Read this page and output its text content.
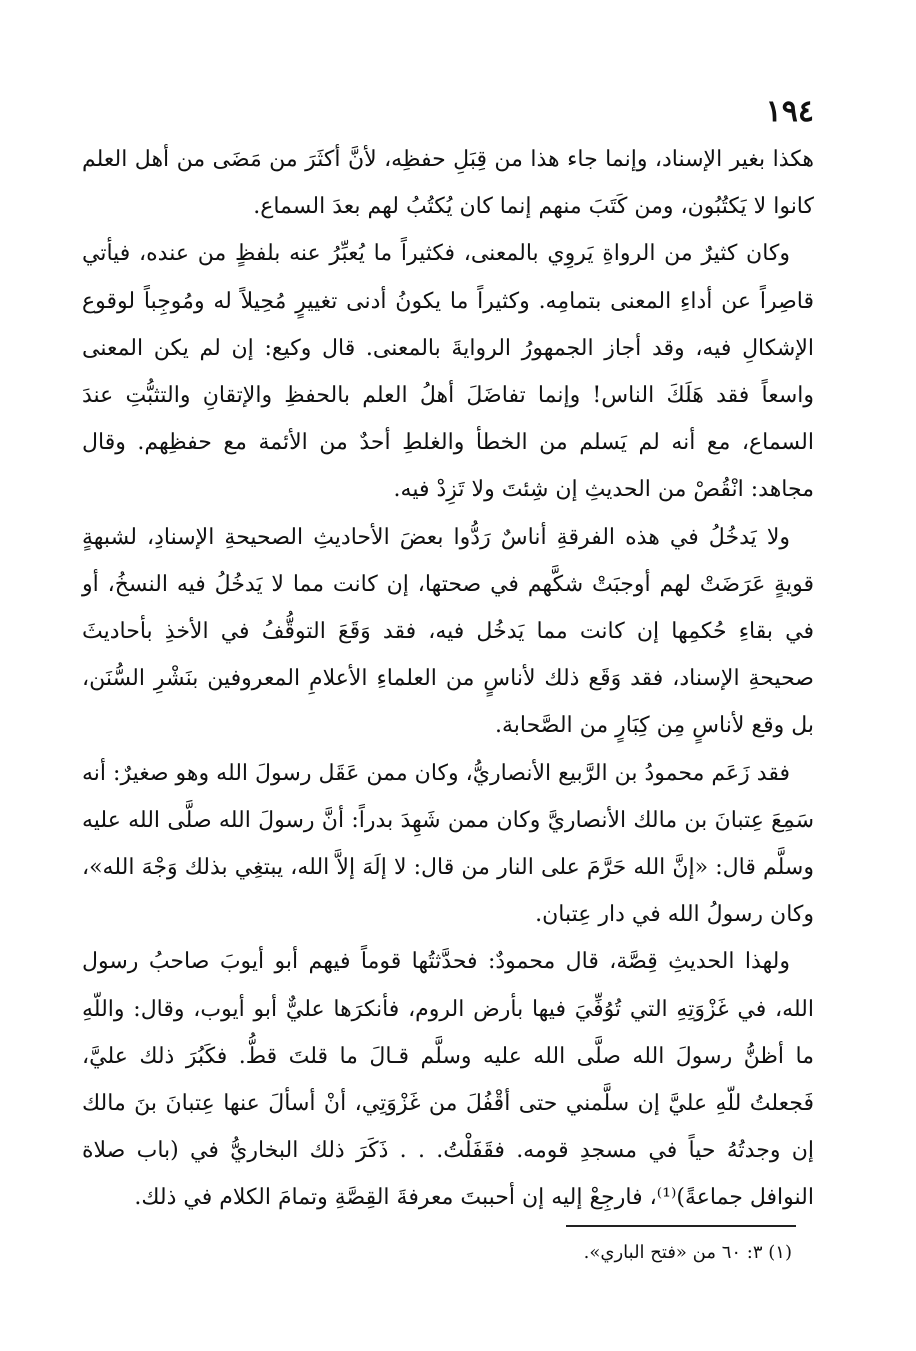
١٩٤

هكذا بغير الإسناد، وإنما جاء هذا من قِبَلِ حفظِه، لأنَّ أكثَرَ من مَضَى من أهل العلم كانوا لا يَكتُبُون، ومن كَتَبَ منهم إنما كان يُكتُبُ لهم بعدَ السماع.

وكان كثيرٌ من الرواةِ يَروِي بالمعنى، فكثيراً ما يُعبِّرُ عنه بلفظٍ من عنده، فيأتي قاصِراً عن أداءِ المعنى بتمامِه. وكثيراً ما يكونُ أدنى تغييرٍ مُحِيلاً له ومُوجِباً لوقوع الإشكالِ فيه، وقد أجاز الجمهورُ الروايةَ بالمعنى. قال وكيع: إن لم يكن المعنى واسعاً فقد هَلَكَ الناس! وإنما تفاضَلَ أهلُ العلم بالحفظِ والإتقانِ والتثبُّتِ عندَ السماع، مع أنه لم يَسلم من الخطأ والغلطِ أحدٌ من الأئمة مع حفظِهم. وقال مجاهد: انْقُصْ من الحديثِ إن شِئتَ ولا تَزِدْ فيه.

ولا يَدخُلُ في هذه الفرقةِ أناسٌ رَدُّوا بعضَ الأحاديثِ الصحيحةِ الإسنادِ، لشبهةٍ قويةٍ عَرَضَتْ لهم أوجبَتْ شكَّهم في صحتها، إن كانت مما لا يَدخُلُ فيه النسخُ، أو في بقاءِ حُكمِها إن كانت مما يَدخُل فيه، فقد وَقَعَ التوقُّفُ في الأخذِ بأحاديثَ صحيحةِ الإسناد، فقد وَقَع ذلك لأناسٍ من العلماءِ الأعلامِ المعروفين بنَشْرِ السُّنَن، بل وقع لأناسٍ مِن كِبَارٍ من الصَّحابة.

فقد زَعَم محمودُ بن الرَّبيع الأنصاريُّ، وكان ممن عَقَل رسولَ الله وهو صغيرٌ: أنه سَمِعَ عِتبانَ بن مالك الأنصاريَّ وكان ممن شَهِدَ بدراً: أنَّ رسولَ الله صلَّى الله عليه وسلَّم قال: «إنَّ الله حَرَّمَ على النار من قال: لا إلَهَ إلاَّ الله، يبتغِي بذلك وَجْهَ الله»، وكان رسولُ الله في دار عِتبان.

ولهذا الحديثِ قِصَّة، قال محمودٌ: فحدَّثتُها قوماً فيهم أبو أيوبَ صاحبُ رسول الله، في غَزْوَتِهِ التي تُوُفِّيَ فيها بأرض الروم، فأنكرَها عليٌّ أبو أيوب، وقال: واللّهِ ما أظنُّ رسولَ الله صلَّى الله عليه وسلَّم قـالَ ما قلتَ قطُّ. فكَبُرَ ذلك عليَّ، فَجعلتُ للّهِ عليَّ إن سلَّمني حتى أقْفُلَ من غَزْوَتِي، أنْ أسألَ عنها عِتبانَ بنَ مالك إن وجدتُهُ حياً في مسجدِ قومه. فقَفَلْتُ. . . ذَكَرَ ذلك البخاريُّ في (باب صلاة النوافل جماعةً)⁽¹⁾، فارجِعْ إليه إن أحببتَ معرفةَ القِصَّةِ وتمامَ الكلام في ذلك.

(١) ٣: ٦٠ من «فتح الباري».
